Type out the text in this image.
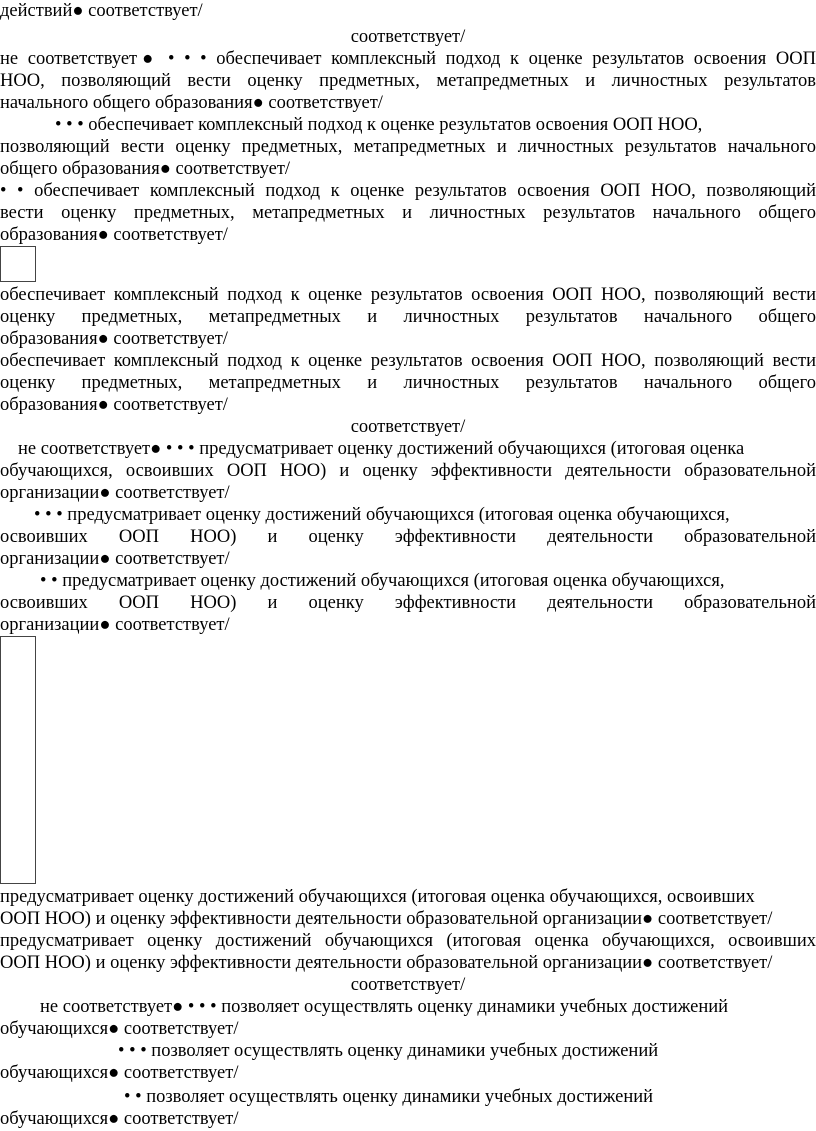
действий● соответствует/
соответствует/
не соответствует● • • • обеспечивает комплексный подход к оценке результатов освоения ООП
НОО, позволяющий вести оценку предметных, метапредметных и личностных результатов
начального общего образования● соответствует/
• • • обеспечивает комплексный подход к оценке результатов освоения ООП НОО,
позволяющий вести оценку предметных, метапредметных и личностных результатов начального
общего образования● соответствует/
• • обеспечивает комплексный подход к оценке результатов освоения ООП НОО, позволяющий
вести оценку предметных, метапредметных и личностных результатов начального общего
образования● соответствует/
обеспечивает комплексный подход к оценке результатов освоения ООП НОО, позволяющий вести
оценку предметных, метапредметных и личностных результатов начального общего
образования● соответствует/
обеспечивает комплексный подход к оценке результатов освоения ООП НОО, позволяющий вести
оценку предметных, метапредметных и личностных результатов начального общего
образования● соответствует/
соответствует/
не соответствует● • • • предусматривает оценку достижений обучающихся (итоговая оценка
обучающихся, освоивших ООП НОО) и оценку эффективности деятельности образовательной
организации● соответствует/
• • • предусматривает оценку достижений обучающихся (итоговая оценка обучающихся,
освоивших ООП НОО) и оценку эффективности деятельности образовательной
организации● соответствует/
• • предусматривает оценку достижений обучающихся (итоговая оценка обучающихся,
освоивших ООП НОО) и оценку эффективности деятельности образовательной
организации● соответствует/
предусматривает оценку достижений обучающихся (итоговая оценка обучающихся, освоивших
ООП НОО) и оценку эффективности деятельности образовательной организации● соответствует/
предусматривает оценку достижений обучающихся (итоговая оценка обучающихся, освоивших
ООП НОО) и оценку эффективности деятельности образовательной организации● соответствует/
соответствует/
не соответствует● • • • позволяет осуществлять оценку динамики учебных достижений
обучающихся● соответствует/
• • • позволяет осуществлять оценку динамики учебных достижений
обучающихся● соответствует/
• • позволяет осуществлять оценку динамики учебных достижений
обучающихся● соответствует/
